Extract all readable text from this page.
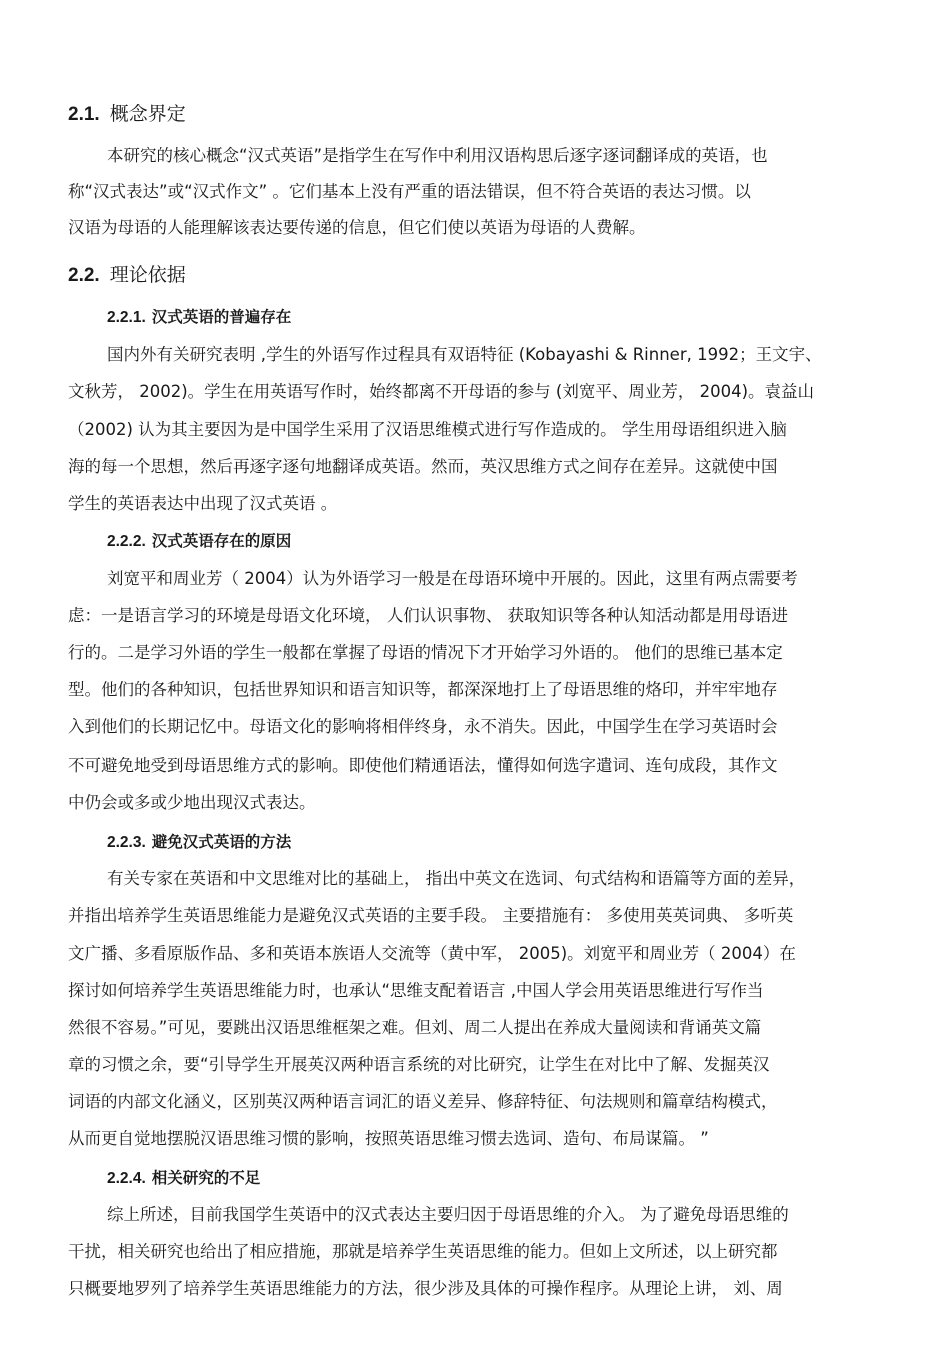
2.1. 概念界定

本研究的核心概念“汉式英语”是指学生在写作中利用汉语构思后逐字逐词翻译成的英语，也

称“汉式表达”或“汉式作文” 。它们基本上没有严重的语法错误，但不符合英语的表达习惯。以

汉语为母语的人能理解该表达要传递的信息，但它们使以英语为母语的人费解。

2.2. 理论依据
2.2.1. 汉式英语的普遍存在

国内外有关研究表明 ,学生的外语写作过程具有双语特征 (Kobayashi & Rinner, 1992；王文宇、

文秋芳， 2002)。学生在用英语写作时，始终都离不开母语的参与 (刘宽平、周业芳， 2004)。袁益山

（2002) 认为其主要因为是中国学生采用了汉语思维模式进行写作造成的。 学生用母语组织进入脑

海的每一个思想，然后再逐字逐句地翻译成英语。然而，英汉思维方式之间存在差异。这就使中国

学生的英语表达中出现了汉式英语 。

2.2.2. 汉式英语存在的原因

刘宽平和周业芳（ 2004）认为外语学习一般是在母语环境中开展的。因此，这里有两点需要考

虑：一是语言学习的环境是母语文化环境， 人们认识事物、 获取知识等各种认知活动都是用母语进

行的。二是学习外语的学生一般都在掌握了母语的情况下才开始学习外语的。 他们的思维已基本定

型。他们的各种知识，包括世界知识和语言知识等，都深深地打上了母语思维的烙印，并牢牢地存

入到他们的长期记忆中。母语文化的影响将相伴终身，永不消失。因此，中国学生在学习英语时会

不可避免地受到母语思维方式的影响。即使他们精通语法，懂得如何选字遣词、连句成段，其作文

中仍会或多或少地出现汉式表达。

2.2.3. 避免汉式英语的方法

有关专家在英语和中文思维对比的基础上， 指出中英文在选词、句式结构和语篇等方面的差异，

并指出培养学生英语思维能力是避免汉式英语的主要手段。 主要措施有： 多使用英英词典、 多听英

文广播、多看原版作品、多和英语本族语人交流等（黄中军， 2005)。刘宽平和周业芳（ 2004）在

探讨如何培养学生英语思维能力时，也承认“思维支配着语言 ,中国人学会用英语思维进行写作当

然很不容易。”可见，要跳出汉语思维框架之难。但刘、周二人提出在养成大量阅读和背诵英文篇

章的习惯之余，要“引导学生开展英汉两种语言系统的对比研究，让学生在对比中了解、发掘英汉

词语的内部文化涵义，区别英汉两种语言词汇的语义差异、修辞特征、句法规则和篇章结构模式，

从而更自觉地摆脱汉语思维习惯的影响，按照英语思维习惯去选词、造句、布局谋篇。 ”

2.2.4. 相关研究的不足

综上所述，目前我国学生英语中的汉式表达主要归因于母语思维的介入。 为了避免母语思维的

干扰，相关研究也给出了相应措施，那就是培养学生英语思维的能力。但如上文所述，以上研究都

只概要地罗列了培养学生英语思维能力的方法，很少涉及具体的可操作程序。从理论上讲， 刘、周
